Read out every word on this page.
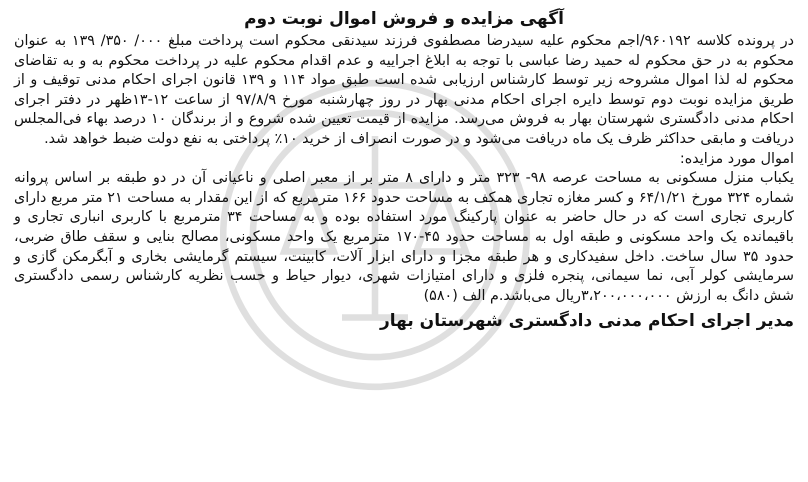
آگهی مزایده و فروش اموال نوبت دوم

در پرونده کلاسه ۹۶۰۱۹۲/اجم محکوم علیه سیدرضا مصطفوی فرزند سیدنقی محکوم است پرداخت مبلغ ۰۰۰/ ۳۵۰/ ۱۳۹ به عنوان محکوم به در حق محکوم له حمید رضا عباسی با توجه به ابلاغ اجراییه و عدم اقدام محکوم علیه در پرداخت محکوم به و به تقاضای محکوم له لذا اموال مشروحه زیر توسط کارشناس ارزیابی شده است طبق مواد ۱۱۴ و ۱۳۹ قانون اجرای احکام مدنی توقیف و از طریق مزایده نوبت دوم توسط دایره اجرای احکام مدنی بهار در روز چهارشنبه مورخ ۹۷/۸/۹ از ساعت ۱۲-۱۳ظهر در دفتر اجرای احکام مدنی دادگستری شهرستان بهار به فروش می‌رسد. مزایده از قیمت تعیین شده شروع و از برندگان ۱۰ درصد بهاء فی‌المجلس دریافت و مابقی حداکثر ظرف یک ماه دریافت می‌شود و در صورت انصراف از خرید ۱۰٪ پرداختی به نفع دولت ضبط خواهد شد.

اموال مورد مزایده:

یکباب منزل مسکونی به مساحت عرصه ۹۸- ۳۲۳ متر و دارای ۸ متر بر از معبر اصلی و ناعیانی آن در دو طبقه بر اساس پروانه شماره ۳۲۴ مورخ ۶۴/۱/۲۱ و کسر مغازه تجاری همکف به مساحت حدود ۱۶۶ مترمربع که از این مقدار به مساحت ۲۱ متر مربع دارای کاربری تجاری است که در حال حاضر به عنوان پارکینگ مورد استفاده بوده و به مساحت ۳۴ مترمربع با کاربری انباری تجاری و باقیمانده یک واحد مسکونی و طبقه اول به مساحت حدود ۴۵-۱۷۰ مترمربع یک واحد مسکونی، مصالح بنایی و سقف طاق ضربی، حدود ۳۵ سال ساخت. داخل سفیدکاری و هر طبقه مجزا و دارای ابزار آلات، کابینت، سیستم گرمایشی بخاری و آبگرمکن گازی و سرمایشی کولر آبی، نما سیمانی، پنجره فلزی و دارای امتیازات شهری، دیوار حیاط و حسب نظریه کارشناس رسمی دادگستری شش دانگ به ارزش ۳،۲۰۰،۰۰۰،۰۰۰ریال می‌باشد.م الف (۵۸۰)

مدیر اجرای احکام مدنی دادگستری شهرستان بهار
